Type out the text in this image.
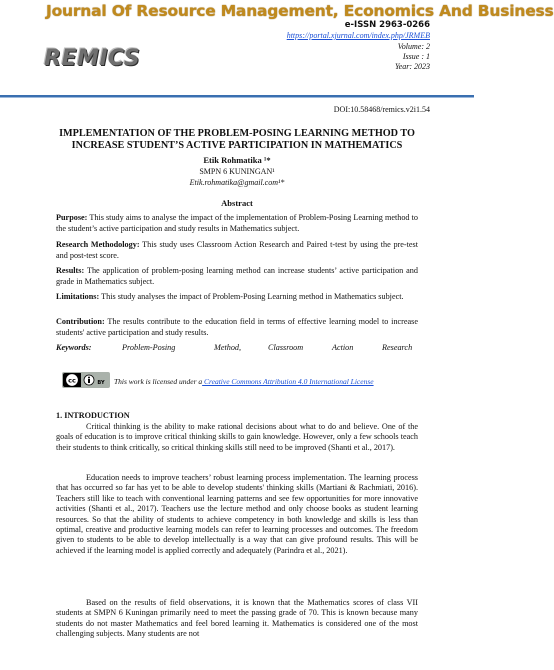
Journal Of Resource Management, Economics And Business
REMICS
e-ISSN 2963-0266
https://portal.xjurnal.com/index.php/JRMEB
Volume: 2
Issue : 1
Year: 2023
DOI:10.58468/remics.v2i1.54
IMPLEMENTATION OF THE PROBLEM-POSING LEARNING METHOD TO
INCREASE STUDENT’S ACTIVE PARTICIPATION IN MATHEMATICS
Etik Rohmatika ¹*
SMPN 6 KUNINGAN¹
Etik.rohmatika@gmail.com¹*
Abstract
Purpose: This study aims to analyse the impact of the implementation of Problem-Posing Learning method to the student’s active participation and study results in Mathematics subject.
Research Methodology: This study uses Classroom Action Research and Paired t-test by using the pre-test and post-test score.
Results: The application of problem-posing learning method can increase students’ active participation and grade in Mathematics subject.
Limitations: This study analyses the impact of Problem-Posing Learning method in Mathematics subject.
Contribution: The results contribute to the education field in terms of effective learning model to increase students' active participation and study results.
Keywords:	Problem-Posing	Method,	Classroom	Action	Research
cc	BY This work is licensed under a Creative Commons Attribution 4.0 International License
1. INTRODUCTION
Critical thinking is the ability to make rational decisions about what to do and believe. One of the goals of education is to improve critical thinking skills to gain knowledge. However, only a few schools teach their students to think critically, so critical thinking skills still need to be improved (Shanti et al., 2017).
Education needs to improve teachers’ robust learning process implementation. The learning process that has occurred so far has yet to be able to develop students' thinking skills (Martiani & Rachmiati, 2016). Teachers still like to teach with conventional learning patterns and see few opportunities for more innovative activities (Shanti et al., 2017). Teachers use the lecture method and only choose books as student learning resources. So that the ability of students to achieve competency in both knowledge and skills is less than optimal, creative and productive learning models can refer to learning processes and outcomes. The freedom given to students to be able to develop intellectually is a way that can give profound results. This will be achieved if the learning model is applied correctly and adequately (Parindra et al., 2021).
Based on the results of field observations, it is known that the Mathematics scores of class VII students at SMPN 6 Kuningan primarily need to meet the passing grade of 70. This is known because many students do not master Mathematics and feel bored learning it. Mathematics is considered one of the most challenging subjects. Many students are not
